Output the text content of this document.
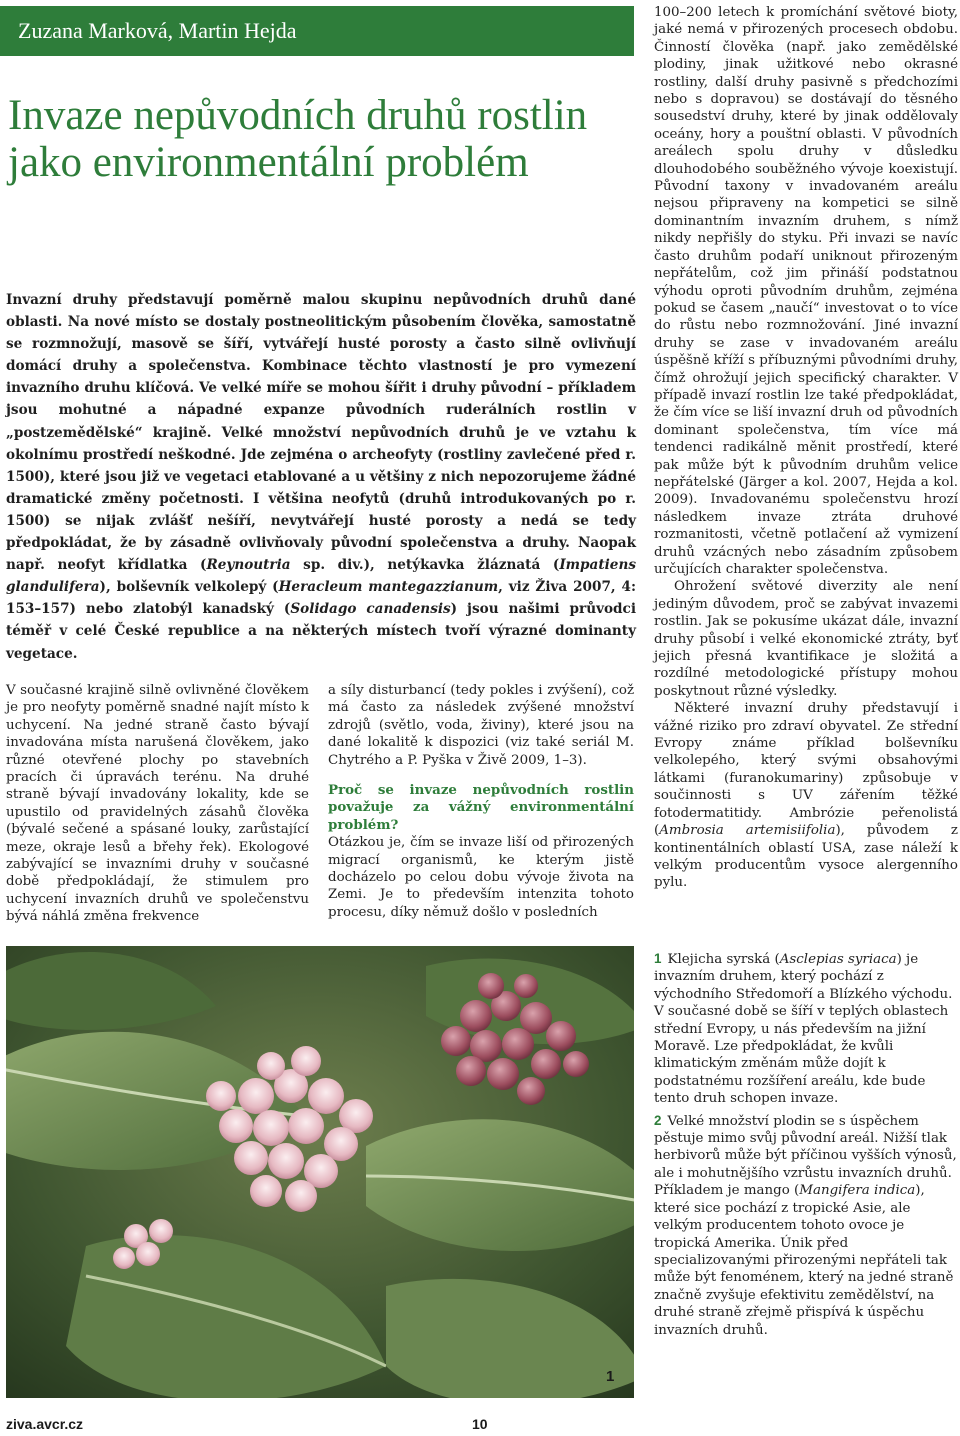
Zuzana Marková, Martin Hejda
Invaze nepůvodních druhů rostlin
jako environmentální problém
Invazní druhy představují poměrně malou skupinu nepůvodních druhů dané oblasti. Na nové místo se dostaly postneolitickým působením člověka, samostatně se rozmnožují, masově se šíří, vytvářejí husté porosty a často silně ovlivňují domácí druhy a společenstva. Kombinace těchto vlastností je pro vymezení invazního druhu klíčová. Ve velké míře se mohou šířit i druhy původní – příkladem jsou mohutné a nápadné expanze původních ruderálních rostlin v „postzemědělské“ krajině. Velké množství nepůvodních druhů je ve vztahu k okolnímu prostředí neškodné. Jde zejména o archeofyty (rostliny zavlečené před r. 1500), které jsou již ve vegetaci etablované a u většiny z nich nepozorujeme žádné dramatické změny početnosti. I většina neofytů (druhů introdukovaných po r. 1500) se nijak zvlášť nešíří, nevytvářejí husté porosty a nedá se tedy předpokládat, že by zásadně ovlivňovaly původní společenstva a druhy. Naopak např. neofyt křídlatka (Reynoutria sp. div.), netýkavka žláznatá (Impatiens glandulifera), bolševník velkolepý (Heracleum mantegazzianum, viz Živa 2007, 4: 153–157) nebo zlatobýl kanadský (Solidago canadensis) jsou našimi průvodci téměř v celé České republice a na některých místech tvoří výrazné dominanty vegetace.

V současné krajině silně ovlivněné člověkem je pro neofyty poměrně snadné najít místo k uchycení. Na jedné straně často bývají invadována místa narušená člověkem, jako různé otevřené plochy po stavebních pracích či úpravách terénu. Na druhé straně bývají invadovány lokality, kde se upustilo od pravidelných zásahů člověka (bývalé sečené a spásané louky, zarůstající meze, okraje lesů a břehy řek). Ekologové zabývající se invazními druhy v současné době předpokládají, že stimulem pro uchycení invazních druhů ve společenstvu bývá náhlá změna frekvence

a síly disturbancí (tedy pokles i zvýšení), což má často za následek zvýšené množství zdrojů (světlo, voda, živiny), které jsou na dané lokalitě k dispozici (viz také seriál M. Chytrého a P. Pyška v Živě 2009, 1–3).

Proč se invaze nepůvodních rostlin považuje za vážný environmentální problém?

Otázkou je, čím se invaze liší od přirozených migrací organismů, ke kterým jistě docházelo po celou dobu vývoje života na Zemi. Je to především intenzita tohoto procesu, díky němuž došlo v posledních

100–200 letech k promíchání světové bioty, jaké nemá v přirozených procesech obdobu. Činností člověka (např. jako zemědělské plodiny, jinak užitkové nebo okrasné rostliny, další druhy pasivně s předchozími nebo s dopravou) se dostávají do těsného sousedství druhy, které by jinak oddělovaly oceány, hory a pouštní oblasti. V původních areálech spolu druhy v důsledku dlouhodobého souběžného vývoje koexistují. Původní taxony v invadovaném areálu nejsou připraveny na kompetici se silně dominantním invazním druhem, s nímž nikdy nepřišly do styku. Při invazi se navíc často druhům podaří uniknout přirozeným nepřátelům, což jim přináší podstatnou výhodu oproti původním druhům, zejména pokud se časem „naučí“ investovat o to více do růstu nebo rozmnožování. Jiné invazní druhy se zase v invadovaném areálu úspěšně kříží s příbuznými původními druhy, čímž ohrožují jejich specifický charakter. V případě invazí rostlin lze také předpokládat, že čím více se liší invazní druh od původních dominant společenstva, tím více má tendenci radikálně měnit prostředí, které pak může být k původním druhům velice nepřátelské (Järger a kol. 2007, Hejda a kol. 2009). Invadovanému společenstvu hrozí následkem invaze ztráta druhové rozmanitosti, včetně potlačení až vymizení druhů vzácných nebo zásadním způsobem určujících charakter společenstva.

Ohrožení světové diverzity ale není jediným důvodem, proč se zabývat invazemi rostlin. Jak se pokusíme ukázat dále, invazní druhy působí i velké ekonomické ztráty, byť jejich přesná kvantifikace je složitá a rozdílné metodologické přístupy mohou poskytnout různé výsledky.

Některé invazní druhy představují i vážné riziko pro zdraví obyvatel. Ze střední Evropy známe příklad bolševníku velkolepého, který svými obsahovými látkami (furanokumariny) způsobuje v součinnosti s UV zářením těžké fotodermatitidy. Ambrózie peřenolistá (Ambrosia artemisiifolia), původem z kontinentálních oblastí USA, zase náleží k velkým producentům vysoce alergenního pylu.

1

1 Klejicha syrská (Asclepias syriaca) je invazním druhem, který pochází z východního Středomoří a Blízkého východu. V současné době se šíří v teplých oblastech střední Evropy, u nás především na jižní Moravě. Lze předpokládat, že kvůli klimatickým změnám může dojít k podstatnému rozšíření areálu, kde bude tento druh schopen invaze.

2 Velké množství plodin se s úspěchem pěstuje mimo svůj původní areál. Nižší tlak herbivorů může být příčinou vyšších výnosů, ale i mohutnějšího vzrůstu invazních druhů. Příkladem je mango (Mangifera indica), které sice pochází z tropické Asie, ale velkým producentem tohoto ovoce je tropická Amerika. Únik před specializovanými přirozenými nepřáteli tak může být fenoménem, který na jedné straně značně zvyšuje efektivitu zemědělství, na druhé straně zřejmě přispívá k úspěchu invazních druhů.

ziva.avcr.cz	10
